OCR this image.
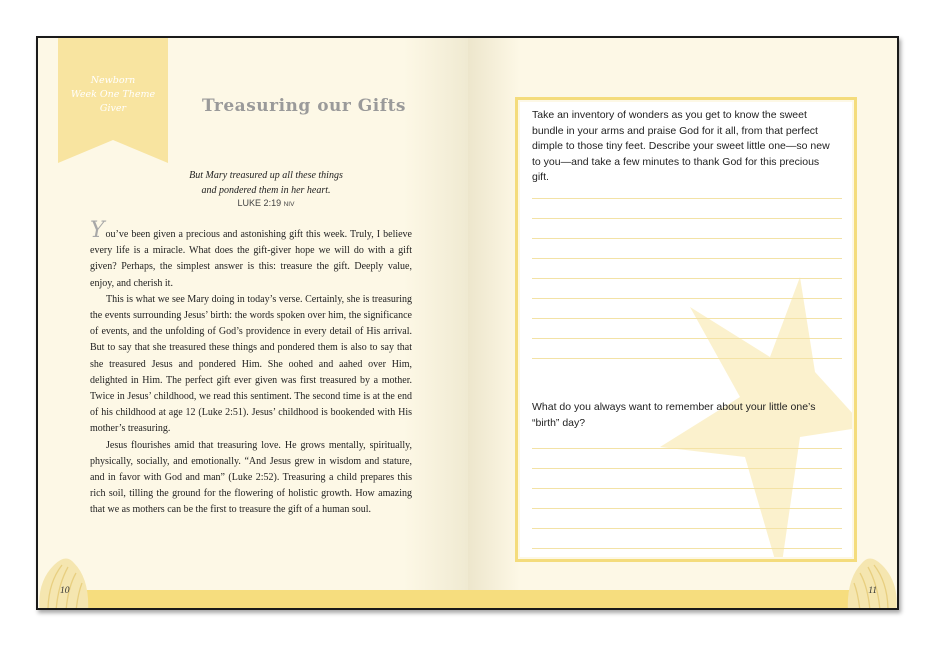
Newborn
Week One Theme
Giver	Treasuring our Gifts
But Mary treasured up all these things
and pondered them in her heart.
LUKE 2:19 NIV

You’ve been given a precious and astonishing gift this week. Truly, I believe every life is a miracle. What does the gift-giver hope we will do with a gift given? Perhaps, the simplest answer is this: treasure the gift. Deeply value, enjoy, and cherish it.

This is what we see Mary doing in today’s verse. Certainly, she is treasuring the events surrounding Jesus’ birth: the words spoken over him, the significance of events, and the unfolding of God’s providence in every detail of His arrival. But to say that she treasured these things and pondered them is also to say that she treasured Jesus and pondered Him. She oohed and aahed over Him, delighted in Him. The perfect gift ever given was first treasured by a mother. Twice in Jesus’ childhood, we read this sentiment. The second time is at the end of his childhood at age 12 (Luke 2:51). Jesus’ childhood is bookended with His mother’s treasuring.

Jesus flourishes amid that treasuring love. He grows mentally, spiritually, physically, socially, and emotionally. “And Jesus grew in wisdom and stature, and in favor with God and man” (Luke 2:52). Treasuring a child prepares this rich soil, tilling the ground for the flowering of holistic growth. How amazing that we as mothers can be the first to treasure the gift of a human soul.

10
Take an inventory of wonders as you get to know the sweet bundle in your arms and praise God for it all, from that perfect dimple to those tiny feet. Describe your sweet little one—so new to you—and take a few minutes to thank God for this precious gift.
What do you always want to remember about your little one’s “birth” day?
11
